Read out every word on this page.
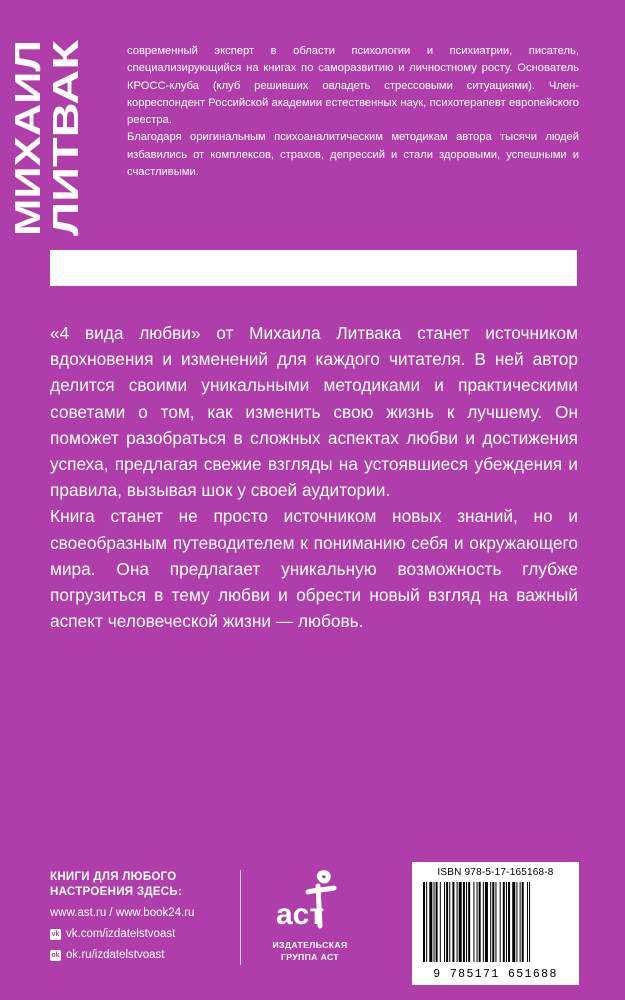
МИХАИЛ
ЛИТВАК

современный эксперт в области психологии и психиатрии, писатель, специализирующийся на книгах по саморазвитию и личностному росту. Основатель КРОСС-клуба (клуб решивших овладеть стрессовыми ситуациями). Член-корреспондент Российской академии естественных наук, психотерапевт европейского реестра.

Благодаря оригинальным психоаналитическим методикам автора тысячи людей избавились от комплексов, страхов, депрессий и стали здоровыми, успешными и счастливыми.

«4 вида любви» от Михаила Литвака станет источником вдохновения и изменений для каждого читателя. В ней автор делится своими уникальными методиками и практическими советами о том, как изменить свою жизнь к лучшему. Он поможет разобраться в сложных аспектах любви и достижения успеха, предлагая свежие взгляды на устоявшиеся убеждения и правила, вызывая шок у своей аудитории.

Книга станет не просто источником новых знаний, но и своеобразным путеводителем к пониманию себя и окружающего мира. Она предлагает уникальную возможность глубже погрузиться в тему любви и обрести новый взгляд на важный аспект человеческой жизни — любовь.

КНИГИ ДЛЯ ЛЮБОГО
НАСТРОЕНИЯ ЗДЕСЬ:
www.ast.ru / www.book24.ru
vk vk.com/izdatelstvoast
ok ok.ru/izdatelstvoast
аст
ИЗДАТЕЛЬСКАЯ
ГРУППА АСТ
ISBN 978-5-17-165168-8
9 785171 651688
